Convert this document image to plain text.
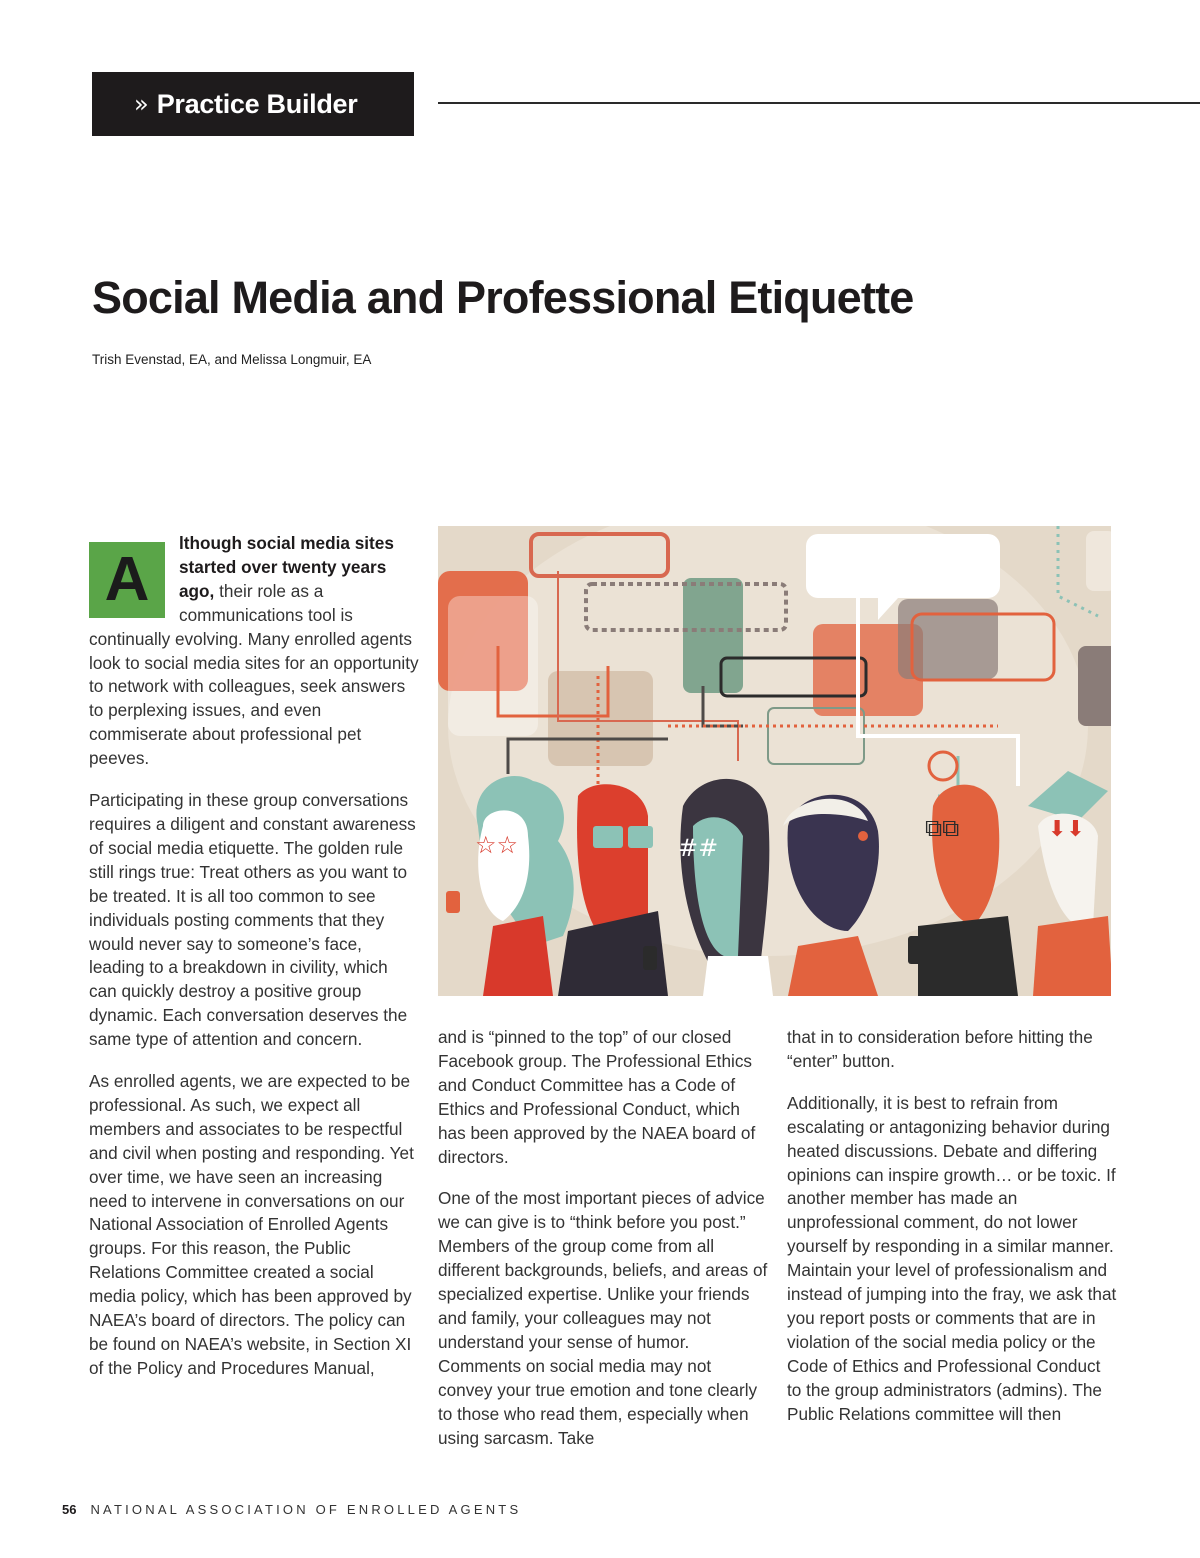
» Practice Builder
Social Media and Professional Etiquette
Trish Evenstad, EA, and Melissa Longmuir, EA

A
lthough social media sites started over twenty years ago, their role as a communications tool is continually evolving. Many enrolled agents look to social media sites for an opportunity to network with colleagues, seek answers to perplexing issues, and even commiserate about professional pet peeves.

Participating in these group conversations requires a diligent and constant awareness of social media etiquette. The golden rule still rings true: Treat others as you want to be treated. It is all too common to see individuals posting comments that they would never say to someone’s face, leading to a breakdown in civility, which can quickly destroy a positive group dynamic. Each conversation deserves the same type of attention and concern.

As enrolled agents, we are expected to be professional. As such, we expect all members and associates to be respectful and civil when posting and responding. Yet over time, we have seen an increasing need to intervene in conversations on our National Association of Enrolled Agents groups. For this reason, the Public Relations Committee created a social media policy, which has been approved by NAEA’s board of directors. The policy can be found on NAEA’s website, in Section XI of the Policy and Procedures Manual,

☆☆	##
⧉⧉	⬇⬇

and is “pinned to the top” of our closed Facebook group. The Professional Ethics and Conduct Committee has a Code of Ethics and Professional Conduct, which has been approved by the NAEA board of directors.

One of the most important pieces of advice we can give is to “think before you post.” Members of the group come from all different backgrounds, beliefs, and areas of specialized expertise. Unlike your friends and family, your colleagues may not understand your sense of humor. Comments on social media may not convey your true emotion and tone clearly to those who read them, especially when using sarcasm. Take

that in to consideration before hitting the “enter” button.

Additionally, it is best to refrain from escalating or antagonizing behavior during heated discussions. Debate and differing opinions can inspire growth… or be toxic. If another member has made an unprofessional comment, do not lower yourself by responding in a similar manner. Maintain your level of professionalism and instead of jumping into the fray, we ask that you report posts or comments that are in violation of the social media policy or the Code of Ethics and Professional Conduct to the group administrators (admins). The Public Relations committee will then

56 NATIONAL ASSOCIATION OF ENROLLED AGENTS
